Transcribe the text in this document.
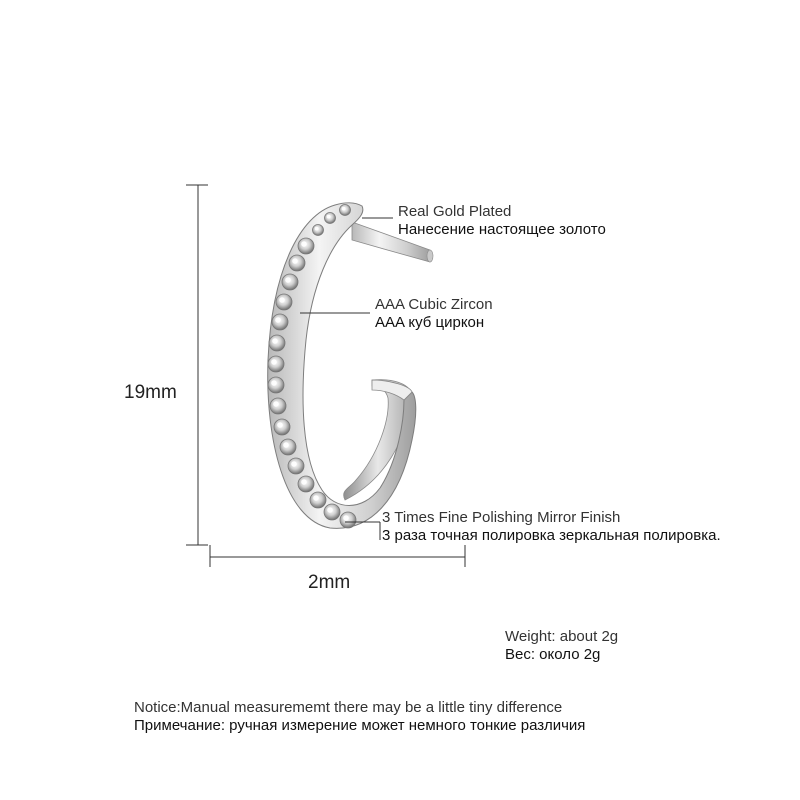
19mm
2mm
Real Gold Plated
Нанесение настоящее золото
AAA Cubic Zircon
AAA куб циркон
3 Times Fine Polishing Mirror Finish
3 раза точная полировка зеркальная полировка.
Weight: about 2g
Вес: около 2g
Notice:Manual measurememt there may be a little tiny difference
Примечание: ручная измерение может немного тонкие различия
